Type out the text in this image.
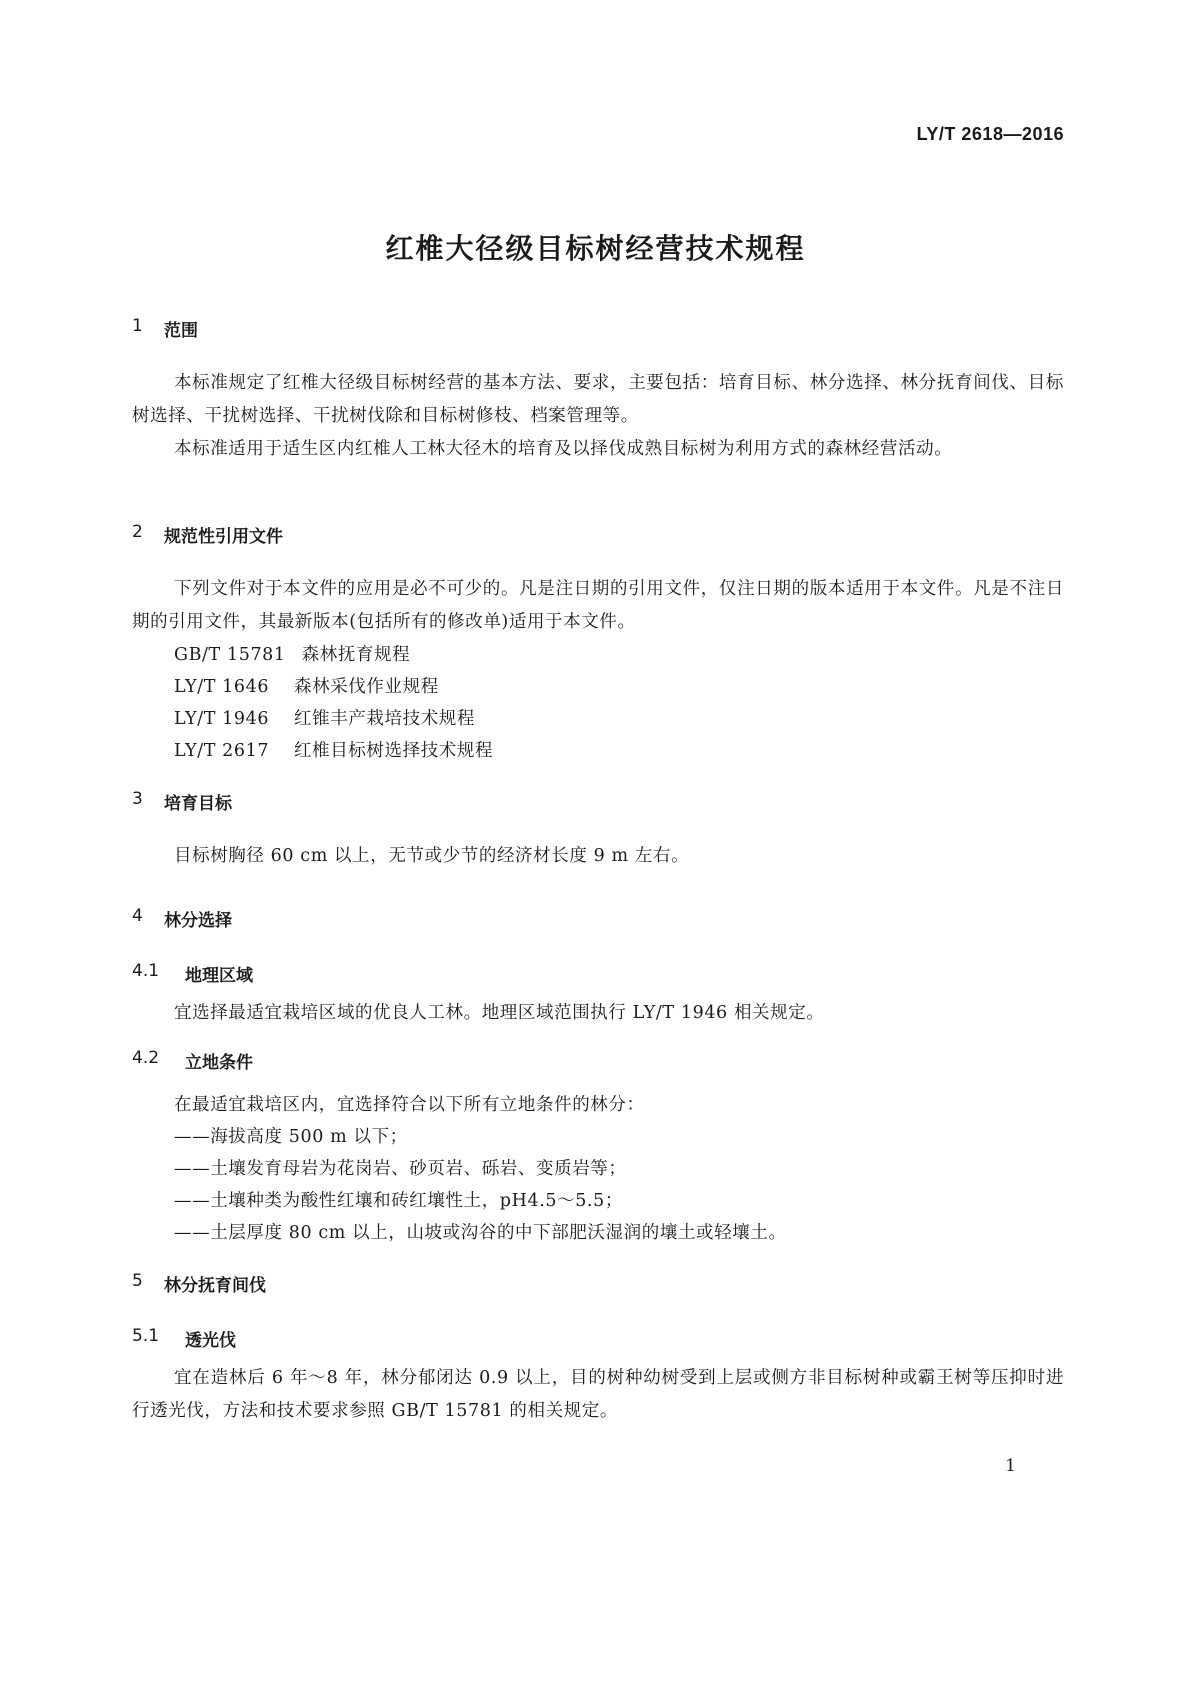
LY/T 2618—2016
红椎大径级目标树经营技术规程
1	范围

本标准规定了红椎大径级目标树经营的基本方法、要求，主要包括：培育目标、林分选择、林分抚育间伐、目标树选择、干扰树选择、干扰树伐除和目标树修枝、档案管理等。

本标准适用于适生区内红椎人工林大径木的培育及以择伐成熟目标树为利用方式的森林经营活动。

2	规范性引用文件

下列文件对于本文件的应用是必不可少的。凡是注日期的引用文件，仅注日期的版本适用于本文件。凡是不注日期的引用文件，其最新版本(包括所有的修改单)适用于本文件。

GB/T 15781 森林抚育规程
LY/T 1646 森林采伐作业规程
LY/T 1946 红锥丰产栽培技术规程
LY/T 2617 红椎目标树选择技术规程
3	培育目标

目标树胸径 60 cm 以上，无节或少节的经济材长度 9 m 左右。

4	林分选择
4.1	地理区域

宜选择最适宜栽培区域的优良人工林。地理区域范围执行 LY/T 1946 相关规定。

4.2	立地条件
在最适宜栽培区内，宜选择符合以下所有立地条件的林分：
——海拔高度 500 m 以下；
——土壤发育母岩为花岗岩、砂页岩、砾岩、变质岩等；
——土壤种类为酸性红壤和砖红壤性土，pH4.5～5.5；
——土层厚度 80 cm 以上，山坡或沟谷的中下部肥沃湿润的壤土或轻壤土。
5	林分抚育间伐
5.1	透光伐

宜在造林后 6 年～8 年，林分郁闭达 0.9 以上，目的树种幼树受到上层或侧方非目标树种或霸王树等压抑时进行透光伐，方法和技术要求参照 GB/T 15781 的相关规定。

1
